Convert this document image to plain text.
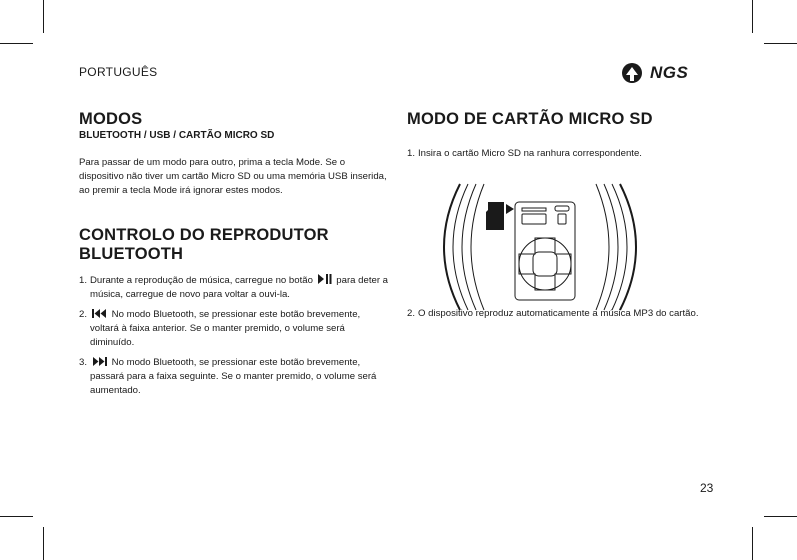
PORTUGUÊS	NGS
MODOS
BLUETOOTH / USB / CARTÃO MICRO SD

Para passar de um modo para outro, prima a tecla Mode. Se o dispositivo não tiver um cartão Micro SD ou uma memória USB inserida, ao premir a tecla Mode irá ignorar estes modos.

CONTROLO DO REPRODUTOR BLUETOOTH
1. Durante a reprodução de música, carregue no botão para deter a música, carregue de novo para voltar a ouvi-la.
2.	No modo Bluetooth, se pressionar este botão brevemente, voltará à faixa anterior. Se o manter premido, o volume será diminuído.
3.	No modo Bluetooth, se pressionar este botão brevemente, passará para a faixa seguinte. Se o manter premido, o volume será aumentado.
MODO DE CARTÃO MICRO SD
1. Insira o cartão Micro SD na ranhura correspondente.
2. O dispositivo reproduz automaticamente a música MP3 do cartão.
23
